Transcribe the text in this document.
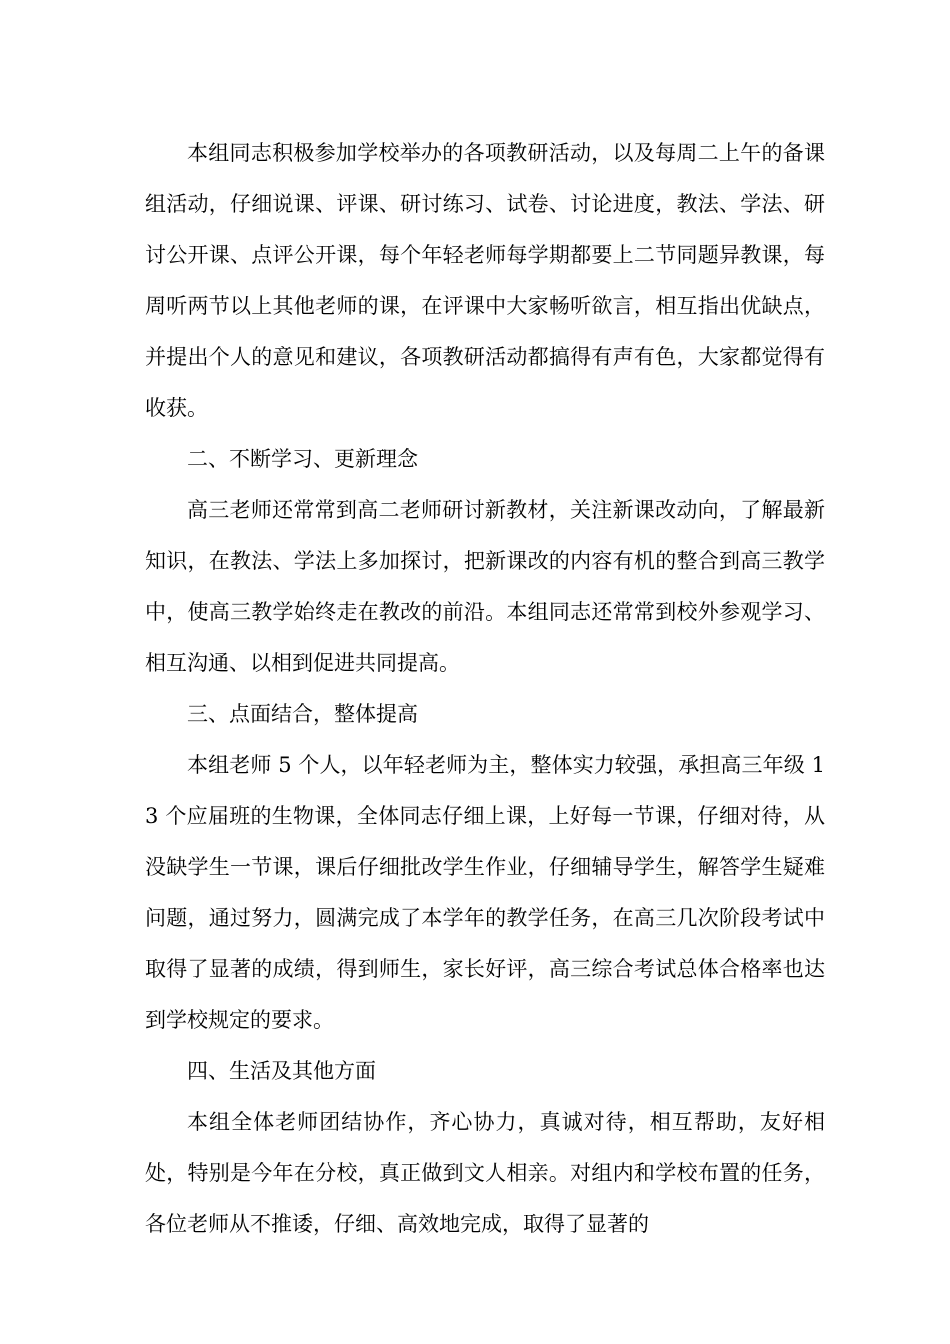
本组同志积极参加学校举办的各项教研活动，以及每周二上午的备课组活动，仔细说课、评课、研讨练习、试卷、讨论进度，教法、学法、研讨公开课、点评公开课，每个年轻老师每学期都要上二节同题异教课，每周听两节以上其他老师的课，在评课中大家畅听欲言，相互指出优缺点，并提出个人的意见和建议，各项教研活动都搞得有声有色，大家都觉得有收获。

二、不断学习、更新理念

高三老师还常常到高二老师研讨新教材，关注新课改动向，了解最新知识，在教法、学法上多加探讨，把新课改的内容有机的整合到高三教学中，使高三教学始终走在教改的前沿。本组同志还常常到校外参观学习、相互沟通、以相到促进共同提高。

三、点面结合，整体提高

本组老师 5 个人，以年轻老师为主，整体实力较强，承担高三年级 13 个应届班的生物课，全体同志仔细上课，上好每一节课，仔细对待，从没缺学生一节课，课后仔细批改学生作业，仔细辅导学生，解答学生疑难问题，通过努力，圆满完成了本学年的教学任务，在高三几次阶段考试中取得了显著的成绩，得到师生，家长好评，高三综合考试总体合格率也达到学校规定的要求。

四、生活及其他方面

本组全体老师团结协作，齐心协力，真诚对待，相互帮助，友好相处，特别是今年在分校，真正做到文人相亲。对组内和学校布置的任务，各位老师从不推诿，仔细、高效地完成，取得了显著的
